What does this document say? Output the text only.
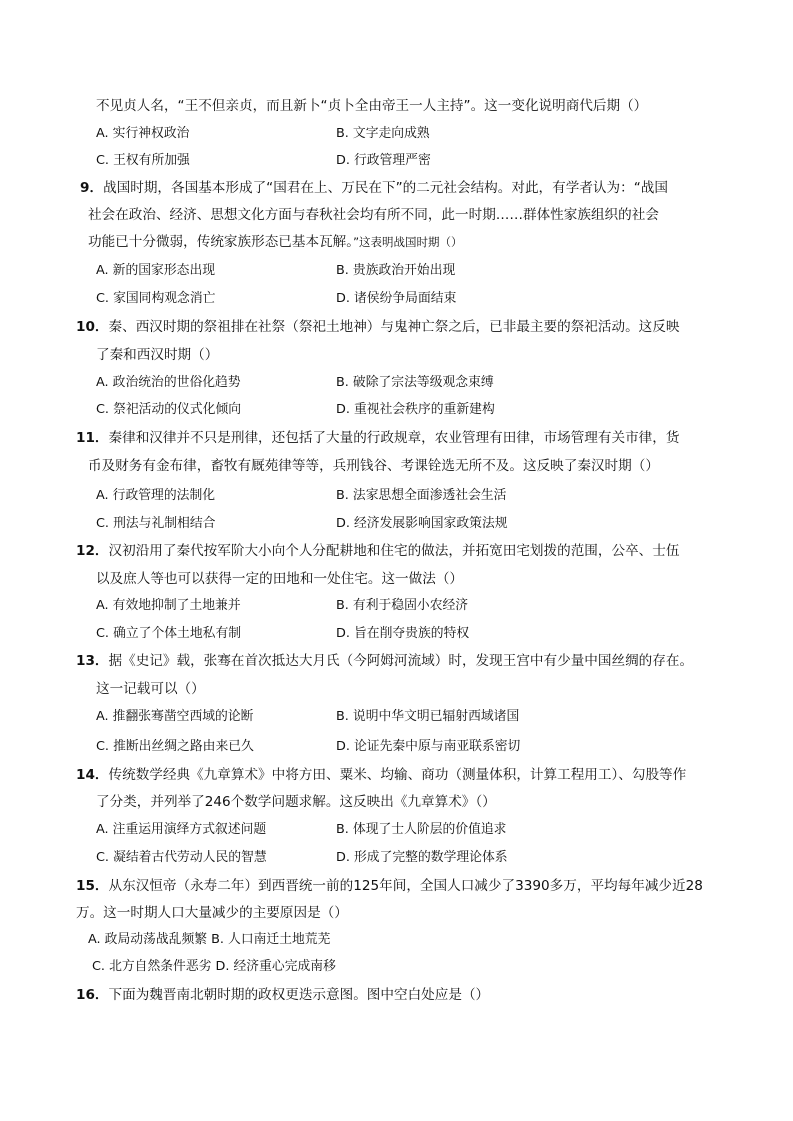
不见贞人名，“王不但亲贞，而且新卜“贞卜全由帝王一人主持”。这一变化说明商代后期（）
A. 实行神权政治	B. 文字走向成熟
C. 王权有所加强	D. 行政管理严密
9．战国时期，各国基本形成了“国君在上、万民在下”的二元社会结构。对此，有学者认为：“战国
社会在政治、经济、思想文化方面与春秋社会均有所不同，此一时期……群体性家族组织的社会
功能已十分微弱，传统家族形态已基本瓦解。”这表明战国时期（）
A. 新的国家形态出现	B. 贵族政治开始出现
C. 家国同构观念消亡	D. 诸侯纷争局面结束
10．秦、西汉时期的祭祖排在社祭（祭祀土地神）与鬼神亡祭之后，已非最主要的祭祀活动。这反映
了秦和西汉时期（）
A. 政治统治的世俗化趋势	B. 破除了宗法等级观念束缚
C. 祭祀活动的仪式化倾向	D. 重视社会秩序的重新建构
11．秦律和汉律并不只是刑律，还包括了大量的行政规章，农业管理有田律，市场管理有关市律，货
币及财务有金布律，畜牧有厩苑律等等，兵刑钱谷、考课铨选无所不及。这反映了秦汉时期（）
A. 行政管理的法制化	B. 法家思想全面渗透社会生活
C. 刑法与礼制相结合	D. 经济发展影响国家政策法规
12．汉初沿用了秦代按军阶大小向个人分配耕地和住宅的做法，并拓宽田宅划拨的范围，公卒、士伍
以及庶人等也可以获得一定的田地和一处住宅。这一做法（）
A. 有效地抑制了土地兼并	B. 有利于稳固小农经济
C. 确立了个体土地私有制	D. 旨在削夺贵族的特权
13．据《史记》载，张骞在首次抵达大月氏（今阿姆河流域）时，发现王宫中有少量中国丝绸的存在。
这一记载可以（）
A. 推翻张骞凿空西域的论断	B. 说明中华文明已辐射西域诸国
C. 推断出丝绸之路由来已久	D. 论证先秦中原与南亚联系密切
14．传统数学经典《九章算术》中将方田、粟米、均输、商功（测量体积，计算工程用工）、勾股等作
了分类，并列举了246个数学问题求解。这反映出《九章算术》（）
A. 注重运用演绎方式叙述问题	B. 体现了士人阶层的价值追求
C. 凝结着古代劳动人民的智慧	D. 形成了完整的数学理论体系
15．从东汉恒帝（永寿二年）到西晋统一前的125年间，全国人口减少了3390多万，平均每年减少近28
万。这一时期人口大量减少的主要原因是（）
A. 政局动荡战乱频繁 B. 人口南迁土地荒芜
C. 北方自然条件恶劣 D. 经济重心完成南移
16．下面为魏晋南北朝时期的政权更迭示意图。图中空白处应是（）
